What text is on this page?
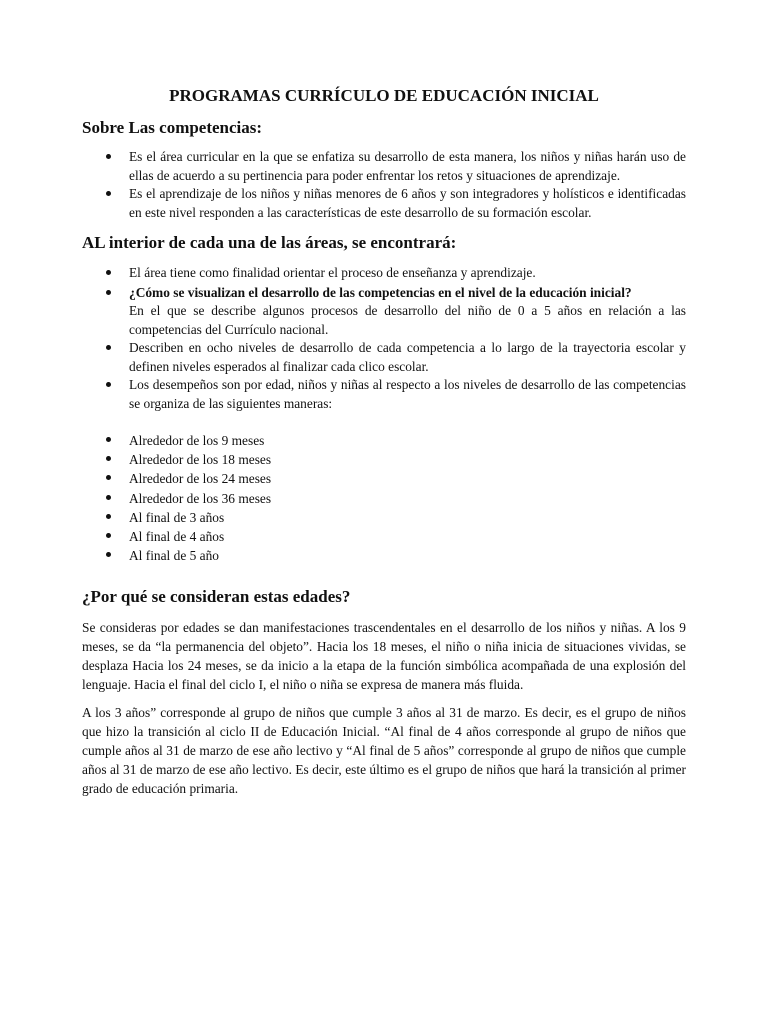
PROGRAMAS CURRÍCULO DE EDUCACIÓN INICIAL
Sobre Las competencias:
Es el área curricular en la que se enfatiza su desarrollo de esta manera, los niños y niñas harán uso de ellas de acuerdo a su pertinencia para poder enfrentar los retos y situaciones de aprendizaje.
Es el aprendizaje de los niños y niñas menores de 6 años y son integradores y holísticos e identificadas en este nivel responden a las características de este desarrollo de su formación escolar.
AL interior de cada una de las áreas, se encontrará:
El área tiene como finalidad orientar el proceso de enseñanza y aprendizaje.
¿Cómo se visualizan el desarrollo de las competencias en el nivel de la educación inicial?
En el que se describe algunos procesos de desarrollo del niño de 0 a 5 años en relación a las competencias del Currículo nacional.
Describen en ocho niveles de desarrollo de cada competencia a lo largo de la trayectoria escolar y definen niveles esperados al finalizar cada clico escolar.
Los desempeños son por edad, niños y niñas al respecto a los niveles de desarrollo de las competencias se organiza de las siguientes maneras:
Alrededor de los 9 meses
Alrededor de los 18 meses
Alrededor de los 24 meses
Alrededor de los 36 meses
Al final de 3 años
Al final de 4 años
Al final de 5 año
¿Por qué se consideran estas edades?

Se consideras por edades se dan manifestaciones trascendentales en el desarrollo de los niños y niñas. A los 9 meses, se da “la permanencia del objeto”. Hacia los 18 meses, el niño o niña inicia de situaciones vividas, se desplaza Hacia los 24 meses, se da inicio a la etapa de la función simbólica acompañada de una explosión del lenguaje. Hacia el final del ciclo I, el niño o niña se expresa de manera más fluida.

A los 3 años” corresponde al grupo de niños que cumple 3 años al 31 de marzo. Es decir, es el grupo de niños que hizo la transición al ciclo II de Educación Inicial. “Al final de 4 años corresponde al grupo de niños que cumple años al 31 de marzo de ese año lectivo y “Al final de 5 años” corresponde al grupo de niños que cumple años al 31 de marzo de ese año lectivo. Es decir, este último es el grupo de niños que hará la transición al primer grado de educación primaria.
